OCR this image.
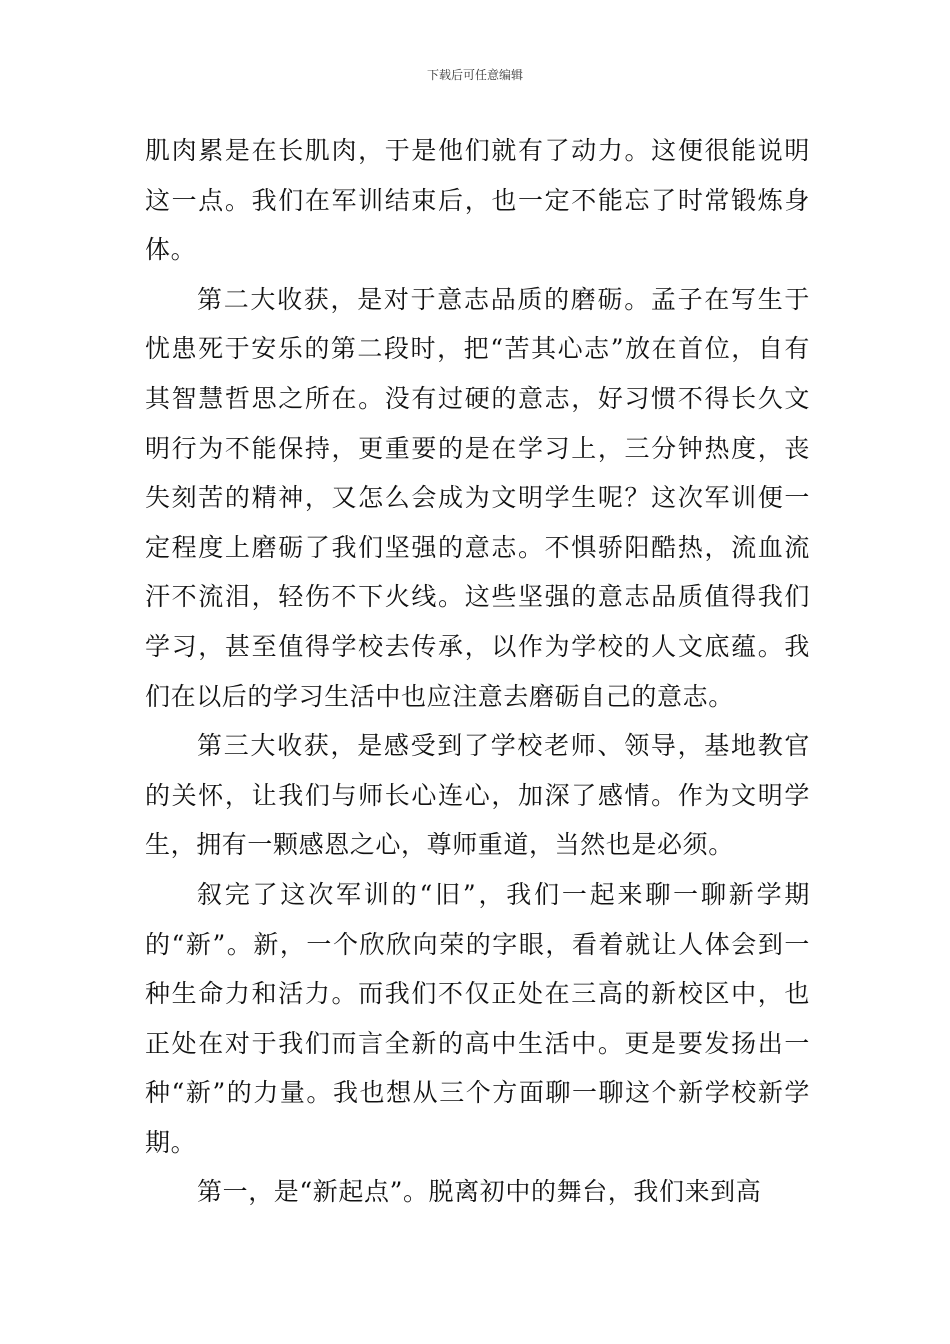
下载后可任意编辑

肌肉累是在长肌肉，于是他们就有了动力。这便很能说明这一点。我们在军训结束后，也一定不能忘了时常锻炼身体。

第二大收获，是对于意志品质的磨砺。孟子在写生于忧患死于安乐的第二段时，把“苦其心志”放在首位，自有其智慧哲思之所在。没有过硬的意志，好习惯不得长久文明行为不能保持，更重要的是在学习上，三分钟热度，丧失刻苦的精神，又怎么会成为文明学生呢？这次军训便一定程度上磨砺了我们坚强的意志。不惧骄阳酷热，流血流汗不流泪，轻伤不下火线。这些坚强的意志品质值得我们学习，甚至值得学校去传承，以作为学校的人文底蕴。我们在以后的学习生活中也应注意去磨砺自己的意志。

第三大收获，是感受到了学校老师、领导，基地教官的关怀，让我们与师长心连心，加深了感情。作为文明学生，拥有一颗感恩之心，尊师重道，当然也是必须。

叙完了这次军训的“旧”，我们一起来聊一聊新学期的“新”。新，一个欣欣向荣的字眼，看着就让人体会到一种生命力和活力。而我们不仅正处在三高的新校区中，也正处在对于我们而言全新的高中生活中。更是要发扬出一种“新”的力量。我也想从三个方面聊一聊这个新学校新学期。

第一，是“新起点”。脱离初中的舞台，我们来到高
